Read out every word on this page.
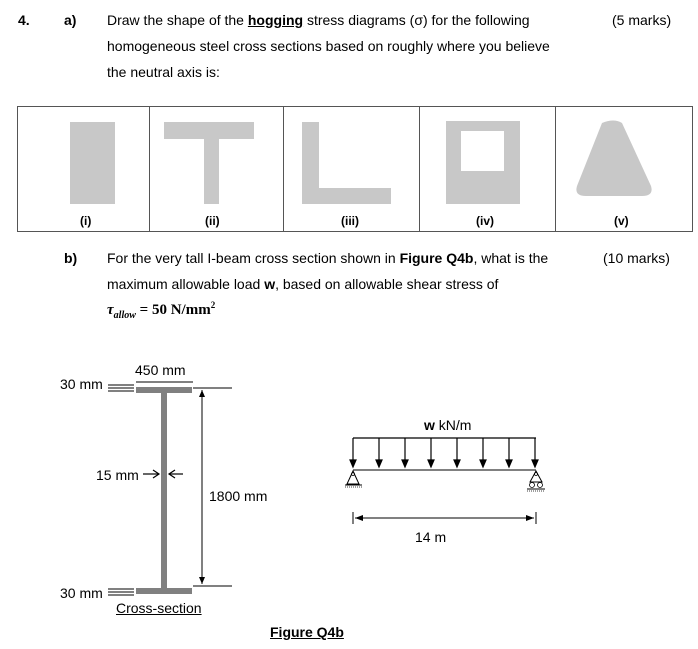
4. a) Draw the shape of the hogging stress diagrams (σ) for the following
homogeneous steel cross sections based on roughly where you believe
the neutral axis is:
(5 marks)
(i)	(ii)	(iii)	(iv)	(v)
b) For the very tall I-beam cross section shown in Figure Q4b, what is the
maximum allowable load w, based on allowable shear stress of
$\tau_{allow} = 50$ $N/mm^2$
(10 marks)
450 mm
30 mm
15 mm
1800 mm
30 mm
Cross-section
w kN/m
14 m
Figure Q4b
